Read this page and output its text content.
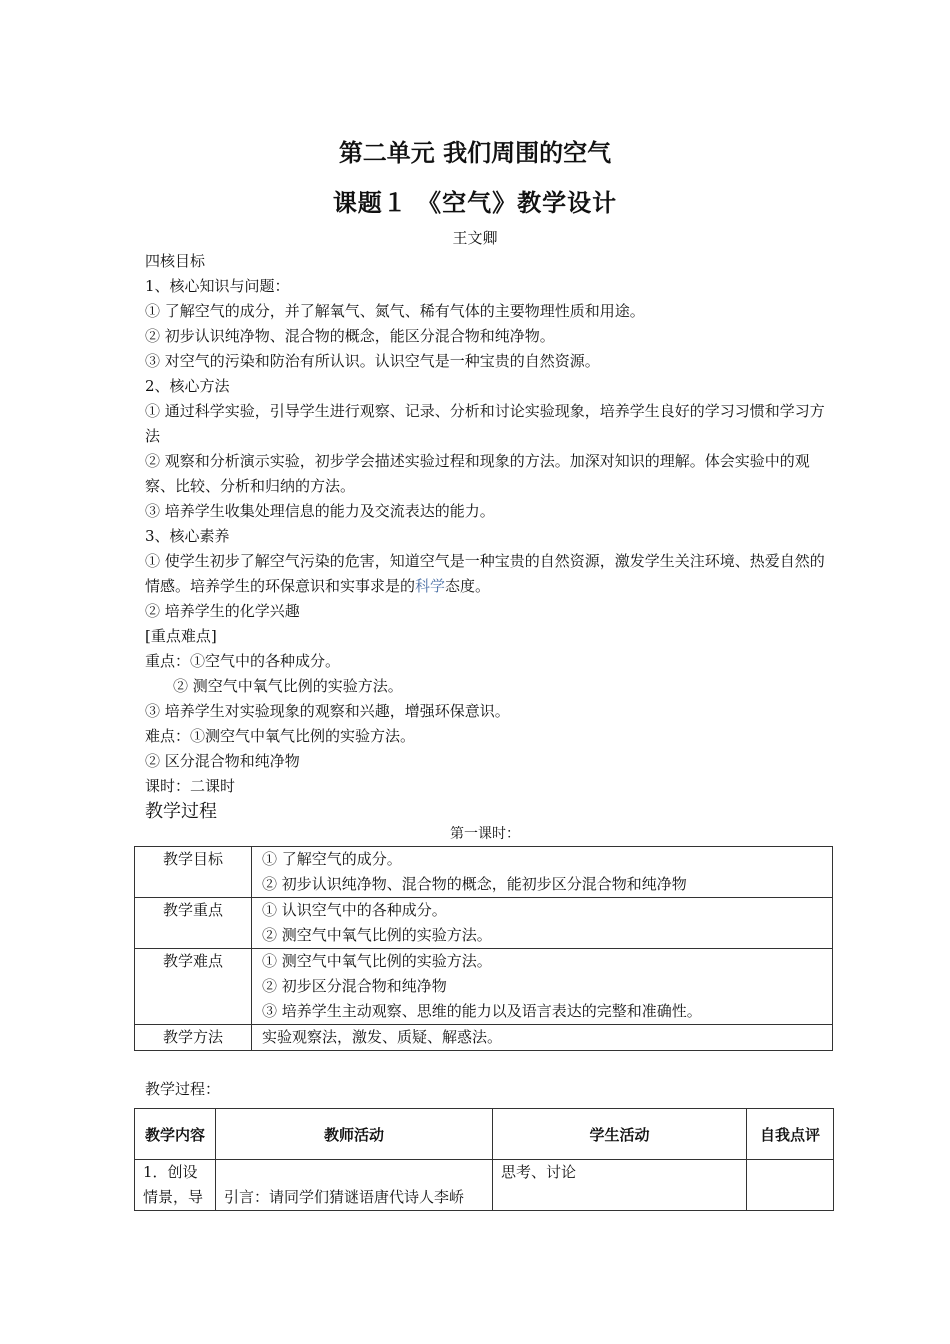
第二单元 我们周围的空气
课题１ 《空气》教学设计
王文卿

四核目标

1、核心知识与问题：

① 了解空气的成分，并了解氧气、氮气、稀有气体的主要物理性质和用途。

② 初步认识纯净物、混合物的概念，能区分混合物和纯净物。

③ 对空气的污染和防治有所认识。认识空气是一种宝贵的自然资源。

2、核心方法

① 通过科学实验，引导学生进行观察、记录、分析和讨论实验现象，培养学生良好的学习习惯和学习方法

② 观察和分析演示实验，初步学会描述实验过程和现象的方法。加深对知识的理解。体会实验中的观察、比较、分析和归纳的方法。

③ 培养学生收集处理信息的能力及交流表达的能力。

3、核心素养

① 使学生初步了解空气污染的危害，知道空气是一种宝贵的自然资源，激发学生关注环境、热爱自然的情感。培养学生的环保意识和实事求是的科学态度。

② 培养学生的化学兴趣

[重点难点]

重点：①空气中的各种成分。

② 测空气中氧气比例的实验方法。

③ 培养学生对实验现象的观察和兴趣，增强环保意识。

难点：①测空气中氧气比例的实验方法。

② 区分混合物和纯净物

课时：二课时

教学过程

第一课时：

教学目标	① 了解空气的成分。
② 初步认识纯净物、混合物的概念，能初步区分混合物和纯净物

教学重点	① 认识空气中的各种成分。
② 测空气中氧气比例的实验方法。

教学难点	① 测空气中氧气比例的实验方法。
② 初步区分混合物和纯净物
③ 培养学生主动观察、思维的能力以及语言表达的完整和准确性。

教学方法	实验观察法，激发、质疑、解惑法。
教学过程：
教学内容	教师活动	学生活动	自我点评
1．创设情景，导	引言：请同学们猜谜语唐代诗人李峤	思考、讨论	
